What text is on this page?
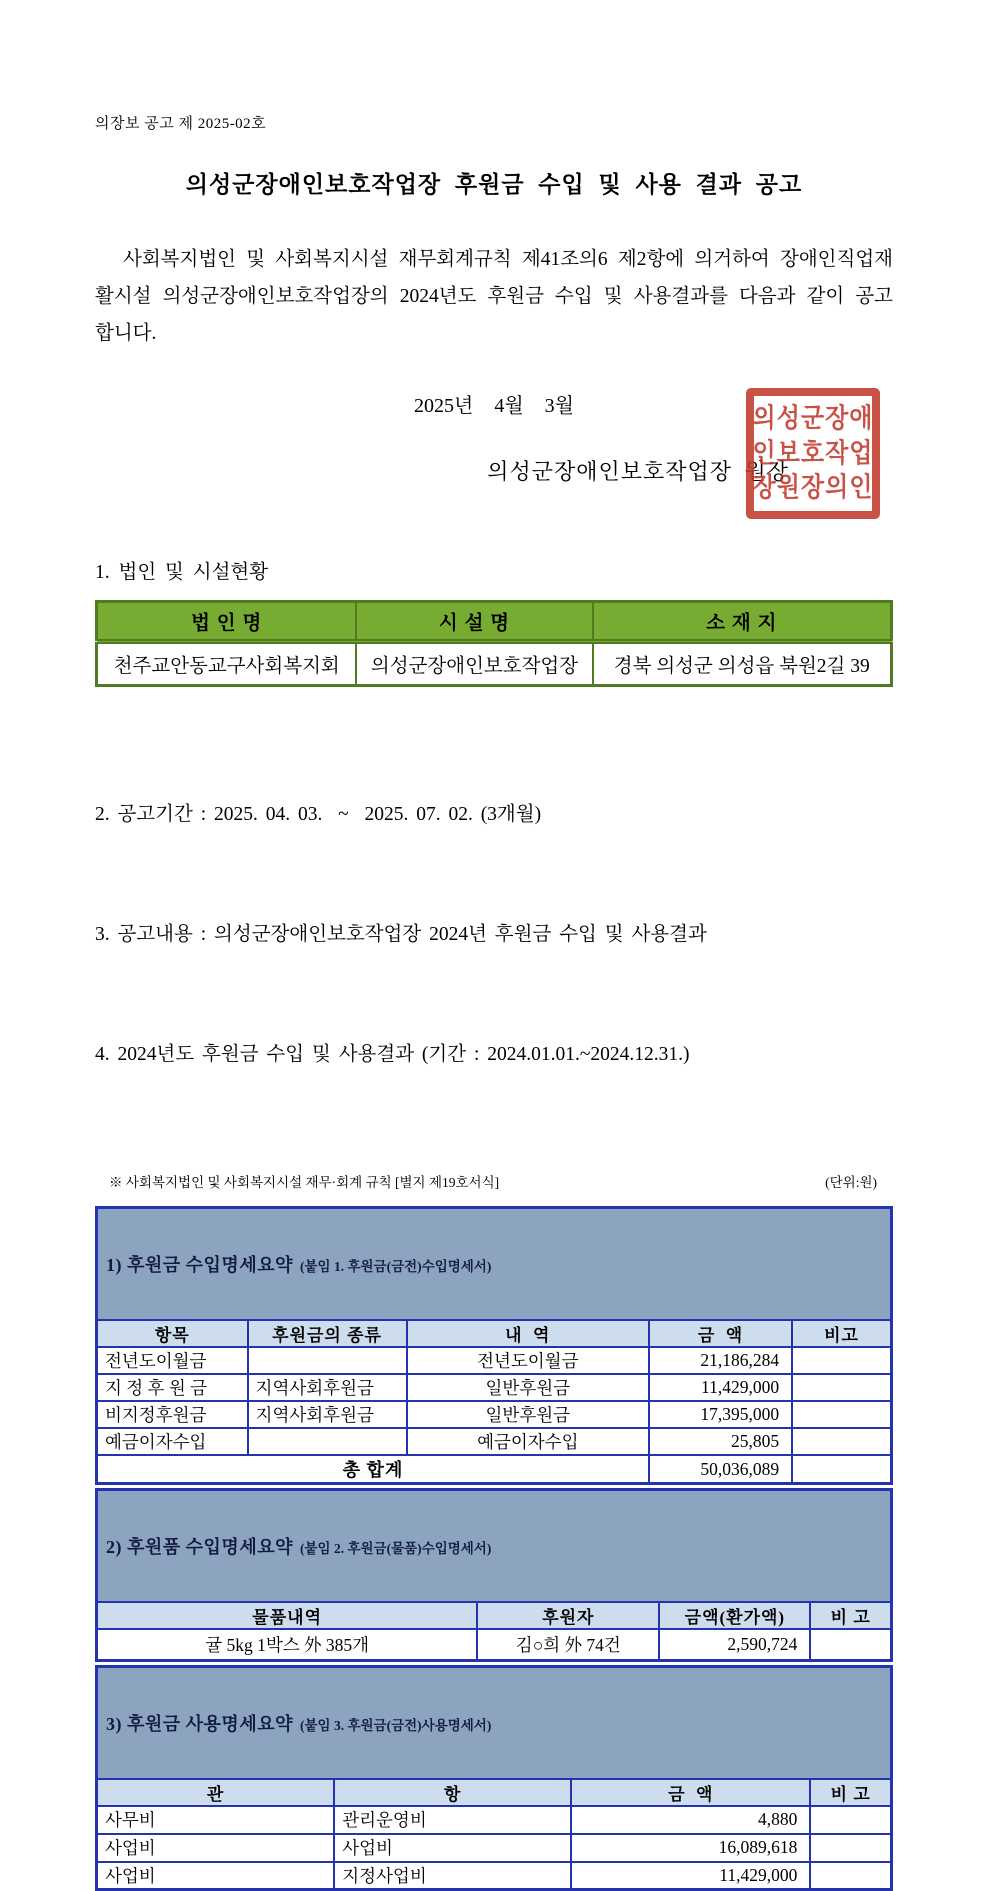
의장보 공고 제 2025-02호
의성군장애인보호작업장 후원금 수입 및 사용 결과 공고

사회복지법인 및 사회복지시설 재무회계규칙 제41조의6 제2항에 의거하여 장애인직업재활시설 의성군장애인보호작업장의 2024년도 후원금 수입 및 사용결과를 다음과 같이 공고합니다.

2025년   4월   3월
의성군장애인보호작업장 원장
1. 법인 및 시설현황
법 인 명	시 설 명	소 재 지
천주교안동교구사회복지회	의성군장애인보호작업장	경북 의성군 의성읍 북원2길 39

2. 공고기간 : 2025. 04. 03.  ~  2025. 07. 02. (3개월)

3. 공고내용 : 의성군장애인보호작업장 2024년 후원금 수입 및 사용결과

4. 2024년도 후원금 수입 및 사용결과 (기간 : 2024.01.01.~2024.12.31.)

※ 사회복지법인 및 사회복지시설 재무·회계 규칙 [별지 제19호서식]	(단위:원)

1) 후원금 수입명세요약 (붙임 1. 후원금(금전)수입명세서)				

항목	후원금의 종류	내  역	금  액	비고
전년도이월금		전년도이월금	21,186,284	
지 정 후 원 금	지역사회후원금	일반후원금	11,429,000	
비지정후원금	지역사회후원금	일반후원금	17,395,000	
예금이자수입		예금이자수입	25,805	
총 합계			50,036,089	

2) 후원품 수입명세요약 (붙임 2. 후원금(물품)수입명세서)			

물품내역	후원자	금액(환가액)	비 고
귤 5kg 1박스 外 385개	김○희 外 74건	2,590,724	

3) 후원금 사용명세요약 (붙임 3. 후원금(금전)사용명세서)			

관	항	금  액	비 고
사무비	관리운영비	4,880	
사업비	사업비	16,089,618	
사업비	지정사업비	11,429,000	
의성군장애
인보호작업
장원장의인
